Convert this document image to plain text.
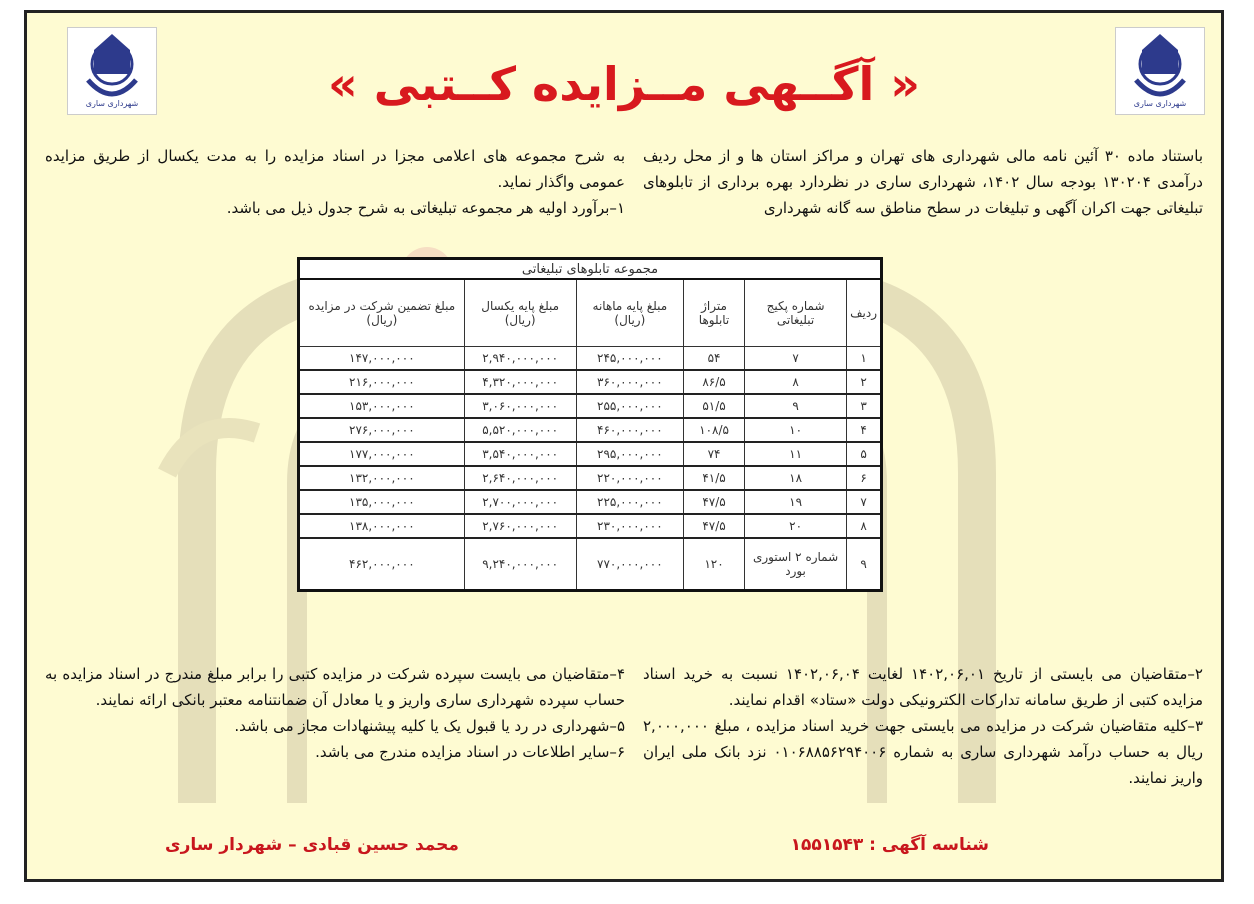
شهرداری ساری
شهرداری ساری	« آگــهی مــزایده کــتبی »

باستناد ماده ۳۰ آئین نامه مالی شهرداری های تهران و مراکز استان ها و از محل ردیف درآمدی ۱۳۰۲۰۴ بودجه سال ۱۴۰۲، شهرداری ساری در نظردارد بهره برداری از تابلوهای تبلیغاتی جهت اکران آگهی و تبلیغات در سطح مناطق سه گانه شهرداری

به شرح مجموعه های اعلامی مجزا در اسناد مزایده را به مدت یکسال از طریق مزایده عمومی واگذار نماید.

۱–برآورد اولیه هر مجموعه تبلیغاتی به شرح جدول ذیل می باشد.

مجموعه تابلوهای تبلیغاتی					
ردیف	شماره پکیج تبلیغاتی	متراژ تابلوها	مبلغ پایه ماهانه (ریال)	مبلغ پایه یکسال (ریال)	مبلغ تضمین شرکت در مزایده (ریال)
۱	۷	۵۴	۲۴۵,۰۰۰,۰۰۰	۲,۹۴۰,۰۰۰,۰۰۰	۱۴۷,۰۰۰,۰۰۰
۲	۸	۸۶/۵	۳۶۰,۰۰۰,۰۰۰	۴,۳۲۰,۰۰۰,۰۰۰	۲۱۶,۰۰۰,۰۰۰
۳	۹	۵۱/۵	۲۵۵,۰۰۰,۰۰۰	۳,۰۶۰,۰۰۰,۰۰۰	۱۵۳,۰۰۰,۰۰۰
۴	۱۰	۱۰۸/۵	۴۶۰,۰۰۰,۰۰۰	۵,۵۲۰,۰۰۰,۰۰۰	۲۷۶,۰۰۰,۰۰۰
۵	۱۱	۷۴	۲۹۵,۰۰۰,۰۰۰	۳,۵۴۰,۰۰۰,۰۰۰	۱۷۷,۰۰۰,۰۰۰
۶	۱۸	۴۱/۵	۲۲۰,۰۰۰,۰۰۰	۲,۶۴۰,۰۰۰,۰۰۰	۱۳۲,۰۰۰,۰۰۰
۷	۱۹	۴۷/۵	۲۲۵,۰۰۰,۰۰۰	۲,۷۰۰,۰۰۰,۰۰۰	۱۳۵,۰۰۰,۰۰۰
۸	۲۰	۴۷/۵	۲۳۰,۰۰۰,۰۰۰	۲,۷۶۰,۰۰۰,۰۰۰	۱۳۸,۰۰۰,۰۰۰
۹	شماره ۲ استوری بورد	۱۲۰	۷۷۰,۰۰۰,۰۰۰	۹,۲۴۰,۰۰۰,۰۰۰	۴۶۲,۰۰۰,۰۰۰

۲–متقاضیان می بایستی از تاریخ ۱۴۰۲,۰۶,۰۱ لغایت ۱۴۰۲,۰۶,۰۴ نسبت به خرید اسناد مزایده کتبی از طریق سامانه تدارکات الکترونیکی دولت «ستاد» اقدام نمایند.

۳–کلیه متقاضیان شرکت در مزایده می بایستی جهت خرید اسناد مزایده ، مبلغ ۲,۰۰۰,۰۰۰ ریال به حساب درآمد شهرداری ساری به شماره ۰۱۰۶۸۸۵۶۲۹۴۰۰۶ نزد بانک ملی ایران واریز نمایند.

۴–متقاضیان می بایست سپرده شرکت در مزایده کتبی را برابر مبلغ مندرج در اسناد مزایده به حساب سپرده شهرداری ساری واریز و یا معادل آن ضمانتنامه معتبر بانکی ارائه نمایند.

۵–شهرداری در رد یا قبول یک یا کلیه پیشنهادات مجاز می باشد.

۶–سایر اطلاعات در اسناد مزایده مندرج می باشد.

شناسه آگهی : ۱۵۵۱۵۴۳
محمد حسین قبادی – شهردار ساری
